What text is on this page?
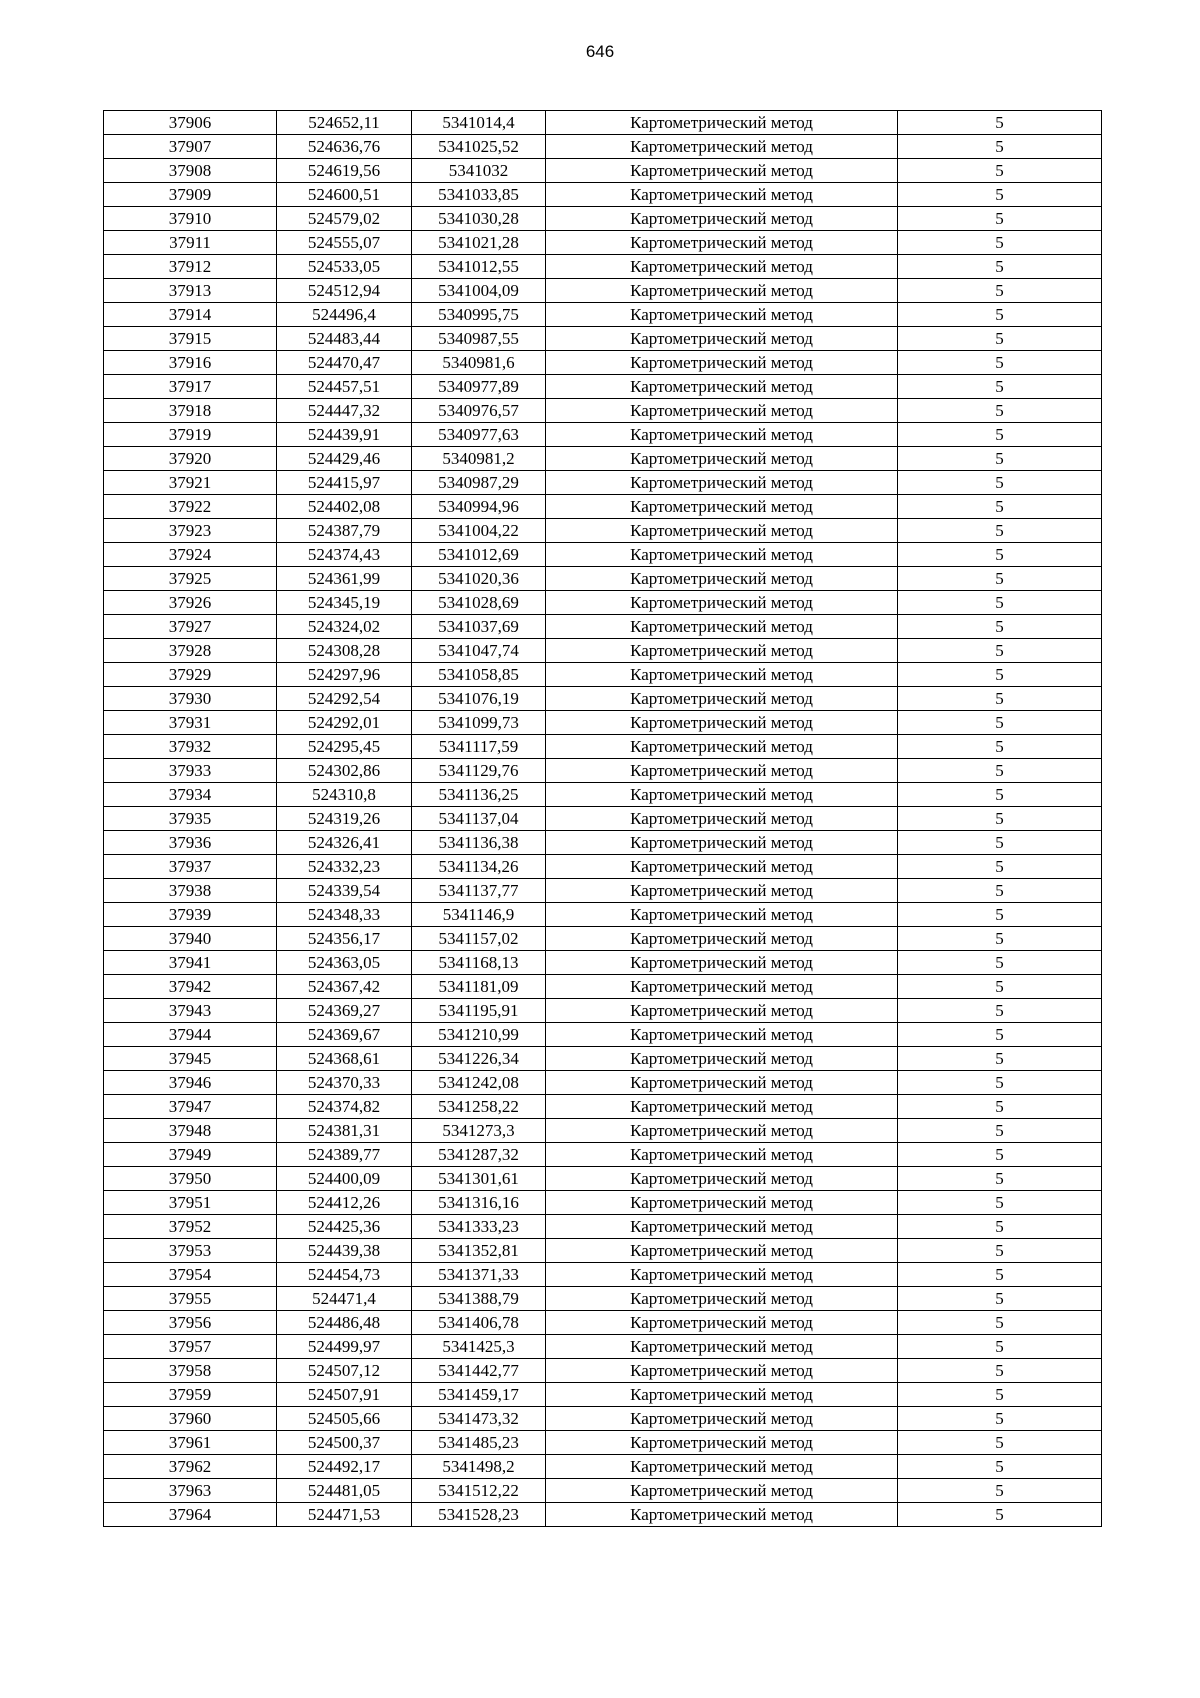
646
37906	524652,11	5341014,4	Картометрический метод	5
37907	524636,76	5341025,52	Картометрический метод	5
37908	524619,56	5341032	Картометрический метод	5
37909	524600,51	5341033,85	Картометрический метод	5
37910	524579,02	5341030,28	Картометрический метод	5
37911	524555,07	5341021,28	Картометрический метод	5
37912	524533,05	5341012,55	Картометрический метод	5
37913	524512,94	5341004,09	Картометрический метод	5
37914	524496,4	5340995,75	Картометрический метод	5
37915	524483,44	5340987,55	Картометрический метод	5
37916	524470,47	5340981,6	Картометрический метод	5
37917	524457,51	5340977,89	Картометрический метод	5
37918	524447,32	5340976,57	Картометрический метод	5
37919	524439,91	5340977,63	Картометрический метод	5
37920	524429,46	5340981,2	Картометрический метод	5
37921	524415,97	5340987,29	Картометрический метод	5
37922	524402,08	5340994,96	Картометрический метод	5
37923	524387,79	5341004,22	Картометрический метод	5
37924	524374,43	5341012,69	Картометрический метод	5
37925	524361,99	5341020,36	Картометрический метод	5
37926	524345,19	5341028,69	Картометрический метод	5
37927	524324,02	5341037,69	Картометрический метод	5
37928	524308,28	5341047,74	Картометрический метод	5
37929	524297,96	5341058,85	Картометрический метод	5
37930	524292,54	5341076,19	Картометрический метод	5
37931	524292,01	5341099,73	Картометрический метод	5
37932	524295,45	5341117,59	Картометрический метод	5
37933	524302,86	5341129,76	Картометрический метод	5
37934	524310,8	5341136,25	Картометрический метод	5
37935	524319,26	5341137,04	Картометрический метод	5
37936	524326,41	5341136,38	Картометрический метод	5
37937	524332,23	5341134,26	Картометрический метод	5
37938	524339,54	5341137,77	Картометрический метод	5
37939	524348,33	5341146,9	Картометрический метод	5
37940	524356,17	5341157,02	Картометрический метод	5
37941	524363,05	5341168,13	Картометрический метод	5
37942	524367,42	5341181,09	Картометрический метод	5
37943	524369,27	5341195,91	Картометрический метод	5
37944	524369,67	5341210,99	Картометрический метод	5
37945	524368,61	5341226,34	Картометрический метод	5
37946	524370,33	5341242,08	Картометрический метод	5
37947	524374,82	5341258,22	Картометрический метод	5
37948	524381,31	5341273,3	Картометрический метод	5
37949	524389,77	5341287,32	Картометрический метод	5
37950	524400,09	5341301,61	Картометрический метод	5
37951	524412,26	5341316,16	Картометрический метод	5
37952	524425,36	5341333,23	Картометрический метод	5
37953	524439,38	5341352,81	Картометрический метод	5
37954	524454,73	5341371,33	Картометрический метод	5
37955	524471,4	5341388,79	Картометрический метод	5
37956	524486,48	5341406,78	Картометрический метод	5
37957	524499,97	5341425,3	Картометрический метод	5
37958	524507,12	5341442,77	Картометрический метод	5
37959	524507,91	5341459,17	Картометрический метод	5
37960	524505,66	5341473,32	Картометрический метод	5
37961	524500,37	5341485,23	Картометрический метод	5
37962	524492,17	5341498,2	Картометрический метод	5
37963	524481,05	5341512,22	Картометрический метод	5
37964	524471,53	5341528,23	Картометрический метод	5
